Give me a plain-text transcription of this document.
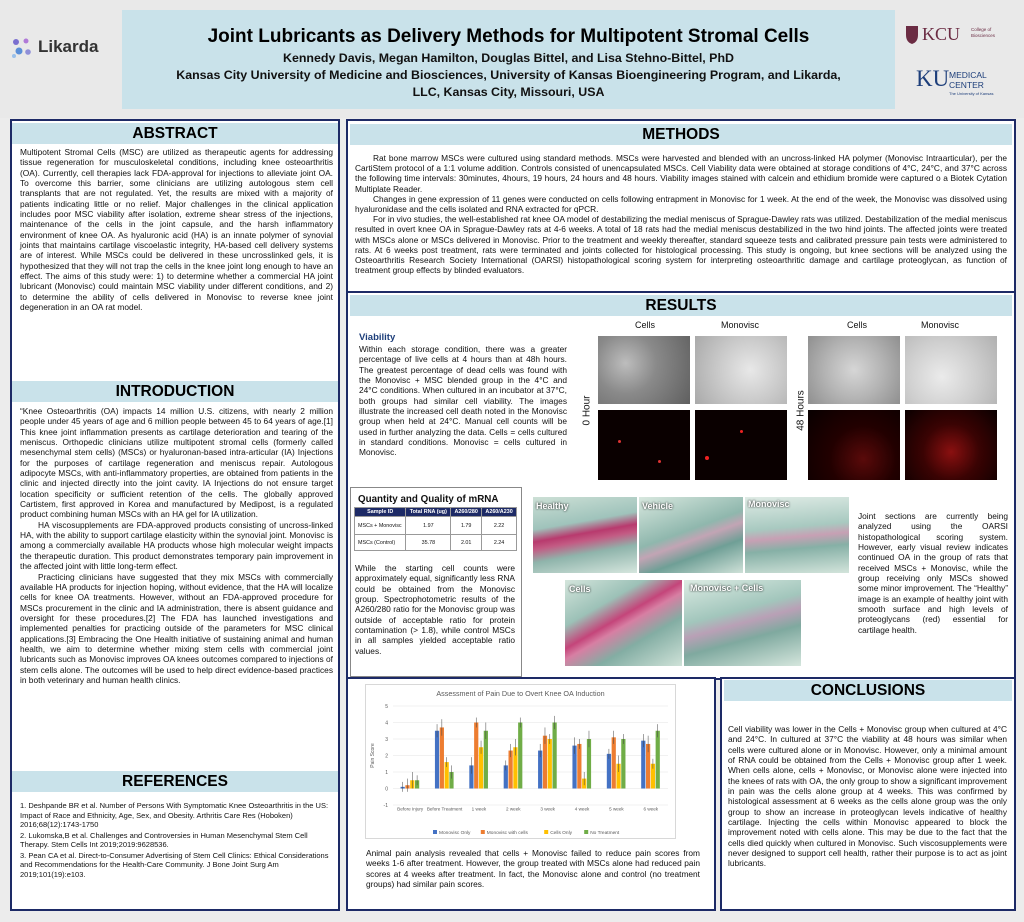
Likarda	Joint Lubricants as Delivery Methods for Multipotent Stromal Cells
Kennedy Davis, Megan Hamilton, Douglas Bittel, and Lisa Stehno-Bittel, PhD
Kansas City University of Medicine and Biosciences, University of Kansas Bioengineering Program, and Likarda,
LLC, Kansas City, Missouri, USA
KCU College of Biosciences
KU MEDICAL
CENTER
The University of Kansas
ABSTRACT
Multipotent Stromal Cells (MSC) are utilized as therapeutic agents for addressing tissue regeneration for musculoskeletal conditions, including knee osteoarthritis (OA). Currently, cell therapies lack FDA-approval for injections to alleviate joint OA. To overcome this barrier, some clinicians are utilizing autologous stem cell transplants that are not regulated. Yet, the results are mixed with a majority of patients indicating little or no relief. Major challenges in the clinical application includes poor MSC viability after isolation, extreme shear stress of the injections, maintenance of the cells in the joint capsule, and the harsh inflammatory environment of knee OA. As hyaluronic acid (HA) is an innate polymer of synovial joints that maintains cartilage viscoelastic integrity, HA-based cell delivery systems are of interest. While MSCs could be delivered in these uncrosslinked gels, it is hypothesized that they will not trap the cells in the knee joint long enough to have an effect. The aims of this study were: 1) to determine whether a commercial HA joint lubricant (Monovisc) could maintain MSC viability under different conditions, and 2) to determine the ability of cells delivered in Monovisc to reverse knee joint degeneration in an OA rat model.
INTRODUCTION

“Knee Osteoarthritis (OA) impacts 14 million U.S. citizens, with nearly 2 million people under 45 years of age and 6 million people between 45 to 64 years of age.[1] This knee joint inflammation presents as cartilage deterioration and tearing of the meniscus. Orthopedic clinicians utilize multipotent stromal cells (formerly called mesenchymal stem cells) (MSCs) or hyaluronan-based intra-articular (IA) Injections for the purposes of cartilage regeneration and meniscus repair. Autologous adipocyte MSCs, with anti-inflammatory properties, are obtained from patients in the clinic and injected directly into the joint cavity. IA Injections do not ensure target location specificity or sufficient retention of the cells. The globally approved Cartistem, first approved in Korea and manufactured by Medipost, is a regulated product combining human MSCs with an HA gel for IA utilization.

HA viscosupplements are FDA-approved products consisting of uncross-linked HA, with the ability to support cartilage elasticity within the synovial joint. Monovisc is among a commercially available HA products whose high molecular weight impacts the therapeutic duration. This product demonstrates temporary pain improvement in the affected joint with little long-term effect.

Practicing clinicians have suggested that they mix MSCs with commercially available HA products for injection hoping, without evidence, that the HA will localize cells for knee OA treatments. However, without an FDA-approved procedure for MSCs procurement in the clinic and IA administration, there is absent guidance and oversight for these procedures.[2] The FDA has launched investigations and implemented penalties for practicing outside of the parameters for MSC clinical applications.[3] Embracing the One Health initiative of sustaining animal and human health, we aim to determine whether mixing stem cells with commercial joint lubricants such as Monovisc improves OA knees outcomes compared to injections of stem cells alone. The outcomes will be used to help direct evidence-based practices in both veterinary and human health clinics.

REFERENCES

1. Deshpande BR et al. Number of Persons With Symptomatic Knee Osteoarthritis in the US: Impact of Race and Ethnicity, Age, Sex, and Obesity. Arthritis Care Res (Hoboken) 2016;68(12):1743-1750

2. Lukomska,B et al. Challenges and Controversies in Human Mesenchymal Stem Cell Therapy. Stem Cells Int 2019;2019:9628536.

3. Pean CA et al. Direct-to-Consumer Advertising of Stem Cell Clinics: Ethical Considerations and Recommendations for the Health-Care Community. J Bone Joint Surg Am 2019;101(19):e103.

METHODS

Rat bone marrow MSCs were cultured using standard methods. MSCs were harvested and blended with an uncross-linked HA polymer (Monovisc Intraarticular), per the CartiStem protocol of a 1:1 volume addition. Controls consisted of unencapsulated MSCs. Cell Viability data were obtained at storage conditions of 4°C, 24°C, and 37°C across the following time intervals: 30minutes, 4hours, 19 hours, 24 hours and 48 hours. Viability images stained with calcein and ethidium bromide were captured o a Biotek Cytation Multiplate Reader.

Changes in gene expression of 11 genes were conducted on cells following entrapment in Monovisc for 1 week. At the end of the week, the Monovisc was dissolved using hyaluronidase and the cells isolated and RNA extracted for qPCR.

For in vivo studies, the well-established rat knee OA model of destabilizing the medial meniscus of Sprague-Dawley rats was utilized. Destabilization of the medial meniscus resulted in overt knee OA in Sprague-Dawley rats at 4-6 weeks. A total of 18 rats had the medial meniscus destabilized in the two hind joints. The affected joints were treated with MSCs alone or MSCs delivered in Monovisc. Prior to the treatment and weekly thereafter, standard squeeze tests and calibrated pressure pain tests were administered to rats. At 6 weeks post treatment, rats were terminated and joints collected for histological processing. This study is ongoing, but knee sections will be analyzed using the Osteoarthritis Research Society International (OARSI) histopathological scoring system for interpreting osteoarthritic damage and cartilage proteoglycan, as function of treatment group effects by blinded evaluators.

RESULTS
Viability
Within each storage condition, there was a greater percentage of live cells at 4 hours than at 48h hours. The greatest percentage of dead cells was found with the Monovisc + MSC blended group in the 4°C and 24°C conditions. When cultured in an incubator at 37°C, both groups had similar cell viability. The images illustrate the increased cell death noted in the Monovisc group when held at 24°C. Manual cell counts will be used in further analyzing the data. Cells = cells cultured in standard conditions. Monovisc = cells cultured in Monovisc.
Cells	Monovisc	Cells	Monovisc
0 Hour	48 Hours
Quantity and Quality of mRNA
Sample ID	Total RNA (ug)	A260/280	A260/A230
MSCs + Monovisc	1.97	1.79	2.22
MSCs (Control)	35.78	2.01	2.24
While the starting cell counts were approximately equal, significantly less RNA could be obtained from the Monovisc group. Spectrophotometric results of the A260/280 ratio for the Monovisc group was outside of acceptable ratio for protein contamination (> 1.8), while control MSCs in all samples yielded acceptable ratio values.
Healthy	Vehicle	Monovisc
Cells	Monovisc + Cells
Joint sections are currently being analyzed using the OARSI histopathological scoring system. However, early visual review indicates continued OA in the group of rats that received MSCs + Monovisc, while the group receiving only MSCs showed some minor improvement. The “Healthy” image is an example of healthy joint with smooth surface and high levels of proteoglycans (red) essential for cartilage health.
Assessment of Pain Due to Overt Knee OA Induction
-1
0
1
2
3
4
5
Pain Score
Before Injury Before Treatment 1 week	2 week	3 week	4 week	5 week	6 week
Monovisc Only	Monovisc with cells	Cells Only	No Treatment
Animal pain analysis revealed that cells + Monovisc failed to reduce pain scores from weeks 1-6 after treatment. However, the group treated with MSCs alone had reduced pain scores at 4 weeks after treatment. In fact, the Monovisc alone and control (no treatment groups) had similar pain scores.
CONCLUSIONS
Cell viability was lower in the Cells + Monovisc group when cultured at 4°C and 24°C. In cultured at 37°C the viability at 48 hours was similar when cells were cultured alone or in Monovisc. However, only a minimal amount of RNA could be obtained from the Cells + Monovisc group after 1 week. When cells alone, cells + Monovisc, or Monovisc alone were injected into the knees of rats with OA, the only group to show a significant improvement in pain was the cells alone group at 4 weeks. This was confirmed by histological assessment at 6 weeks as the cells alone group was the only group to show an increase in proteoglycan levels indicative of healthy cartilage. Injecting the cells within Monovisc appeared to block the improvement noted with cells alone. This may be due to the fact that the cells died quickly when cultured in Monovisc. Such viscosupplements were never designed to support cell health, rather their purpose is to act as joint lubricants.
